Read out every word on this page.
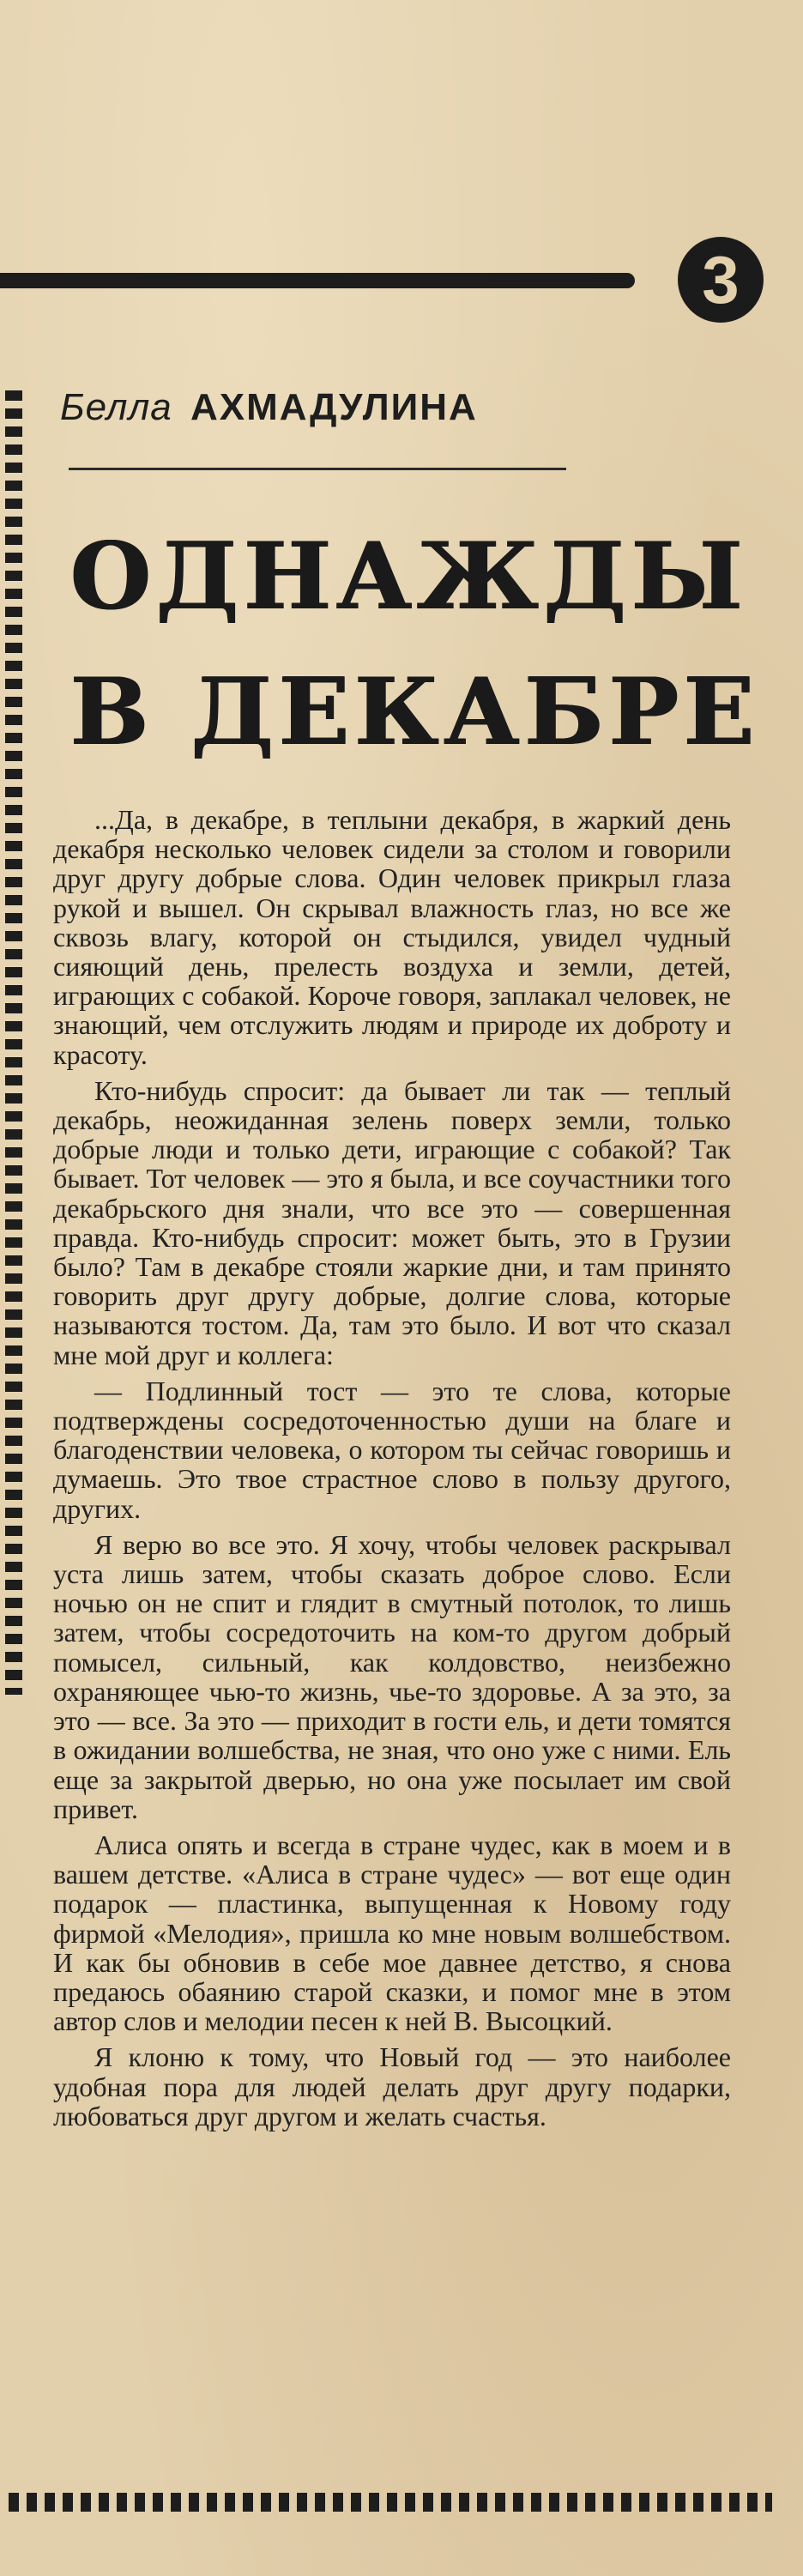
3
Белла АХМАДУЛИНА
ОДНАЖДЫ
В ДЕКАБРЕ

...Да, в декабре, в теплыни декабря, в жаркий день декабря несколько человек сидели за столом и говорили друг другу добрые слова. Один человек прикрыл глаза рукой и вышел. Он скрывал влажность глаз, но все же сквозь влагу, которой он стыдился, увидел чудный сияющий день, прелесть воздуха и земли, детей, играющих с собакой. Короче говоря, заплакал человек, не знающий, чем отслужить людям и природе их доброту и красоту.

Кто-нибудь спросит: да бывает ли так — теплый декабрь, неожиданная зелень поверх земли, только добрые люди и только дети, играющие с собакой? Так бывает. Тот человек — это я была, и все соучастники того декабрьского дня знали, что все это — совершенная правда. Кто-нибудь спросит: может быть, это в Грузии было? Там в декабре стояли жаркие дни, и там принято говорить друг другу добрые, долгие слова, которые называются тостом. Да, там это было. И вот что сказал мне мой друг и коллега:

— Подлинный тост — это те слова, которые подтверждены сосредоточенностью души на благе и благоденствии человека, о котором ты сейчас говоришь и думаешь. Это твое страстное слово в пользу другого, других.

Я верю во все это. Я хочу, чтобы человек раскрывал уста лишь затем, чтобы сказать доброе слово. Если ночью он не спит и глядит в смутный потолок, то лишь затем, чтобы сосредоточить на ком-то другом добрый помысел, сильный, как колдовство, неизбежно охраняющее чью-то жизнь, чье-то здоровье. А за это, за это — все. За это — приходит в гости ель, и дети томятся в ожидании волшебства, не зная, что оно уже с ними. Ель еще за закрытой дверью, но она уже посылает им свой привет.

Алиса опять и всегда в стране чудес, как в моем и в вашем детстве. «Алиса в стране чудес» — вот еще один подарок — пластинка, выпущенная к Новому году фирмой «Мелодия», пришла ко мне новым волшебством. И как бы обновив в себе мое давнее детство, я снова предаюсь обаянию старой сказки, и помог мне в этом автор слов и мелодии песен к ней В. Высоцкий.

Я клоню к тому, что Новый год — это наиболее удобная пора для людей делать друг другу подарки, любоваться друг другом и желать счастья.
